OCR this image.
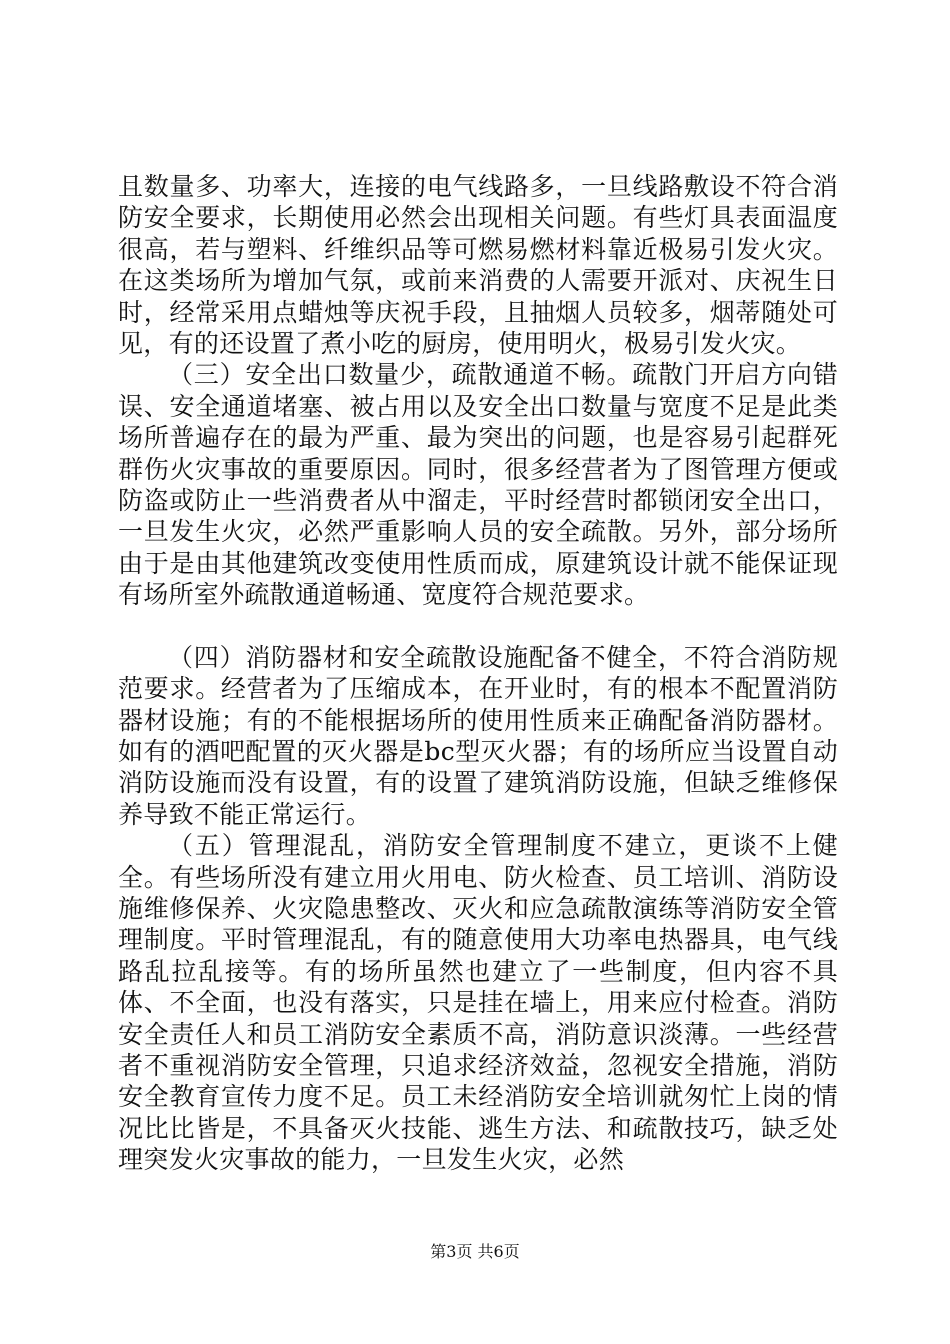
且数量多、功率大，连接的电气线路多，一旦线路敷设不符合消防安全要求，长期使用必然会出现相关问题。有些灯具表面温度很高，若与塑料、纤维织品等可燃易燃材料靠近极易引发火灾。在这类场所为增加气氛，或前来消费的人需要开派对、庆祝生日时，经常采用点蜡烛等庆祝手段，且抽烟人员较多，烟蒂随处可见，有的还设置了煮小吃的厨房，使用明火，极易引发火灾。

（三）安全出口数量少，疏散通道不畅。疏散门开启方向错误、安全通道堵塞、被占用以及安全出口数量与宽度不足是此类场所普遍存在的最为严重、最为突出的问题，也是容易引起群死群伤火灾事故的重要原因。同时，很多经营者为了图管理方便或防盗或防止一些消费者从中溜走，平时经营时都锁闭安全出口，一旦发生火灾，必然严重影响人员的安全疏散。另外，部分场所由于是由其他建筑改变使用性质而成，原建筑设计就不能保证现有场所室外疏散通道畅通、宽度符合规范要求。

（四）消防器材和安全疏散设施配备不健全，不符合消防规范要求。经营者为了压缩成本，在开业时，有的根本不配置消防器材设施；有的不能根据场所的使用性质来正确配备消防器材。如有的酒吧配置的灭火器是bc型灭火器；有的场所应当设置自动消防设施而没有设置，有的设置了建筑消防设施，但缺乏维修保养导致不能正常运行。

（五）管理混乱，消防安全管理制度不建立，更谈不上健全。有些场所没有建立用火用电、防火检查、员工培训、消防设施维修保养、火灾隐患整改、灭火和应急疏散演练等消防安全管理制度。平时管理混乱，有的随意使用大功率电热器具，电气线路乱拉乱接等。有的场所虽然也建立了一些制度，但内容不具体、不全面，也没有落实，只是挂在墙上，用来应付检查。消防安全责任人和员工消防安全素质不高，消防意识淡薄。一些经营者不重视消防安全管理，只追求经济效益，忽视安全措施，消防安全教育宣传力度不足。员工未经消防安全培训就匆忙上岗的情况比比皆是，不具备灭火技能、逃生方法、和疏散技巧，缺乏处理突发火灾事故的能力，一旦发生火灾，必然

第3页 共6页
